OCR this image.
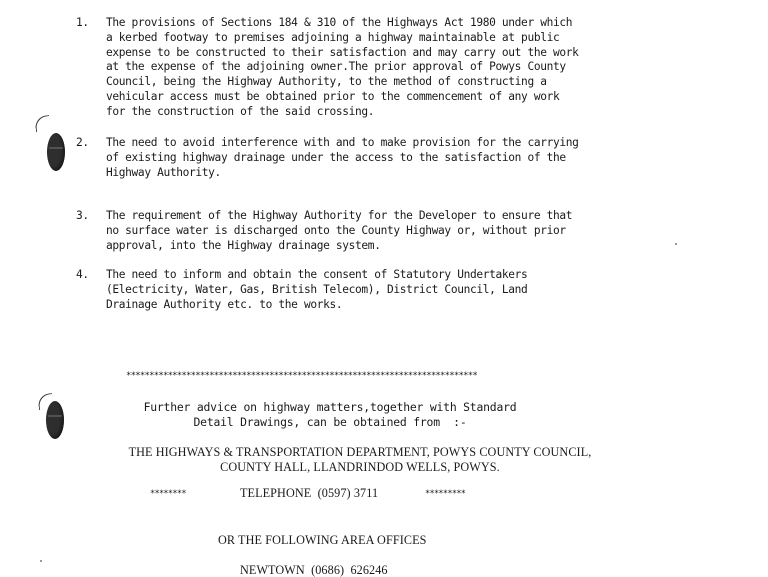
1. The provisions of Sections 184 & 310 of the Highways Act 1980 under which
a kerbed footway to premises adjoining a highway maintainable at public
expense to be constructed to their satisfaction and may carry out the work
at the expense of the adjoining owner.The prior approval of Powys County
Council, being the Highway Authority, to the method of constructing a
vehicular access must be obtained prior to the commencement of any work
for the construction of the said crossing.
2. The need to avoid interference with and to make provision for the carrying
of existing highway drainage under the access to the satisfaction of the
Highway Authority.
3. The requirement of the Highway Authority for the Developer to ensure that
no surface water is discharged onto the County Highway or, without prior
approval, into the Highway drainage system.
4. The need to inform and obtain the consent of Statutory Undertakers
(Electricity, Water, Gas, British Telecom), District Council, Land
Drainage Authority etc. to the works.
****************************************************************************
Further advice on highway matters,together with Standard
Detail Drawings, can be obtained from  :-
THE HIGHWAYS & TRANSPORTATION DEPARTMENT, POWYS COUNTY COUNCIL,
COUNTY HALL, LLANDRINDOD WELLS, POWYS.
********	TELEPHONE  (0597) 3711	*********
OR THE FOLLOWING AREA OFFICES
NEWTOWN  (0686)  626246
